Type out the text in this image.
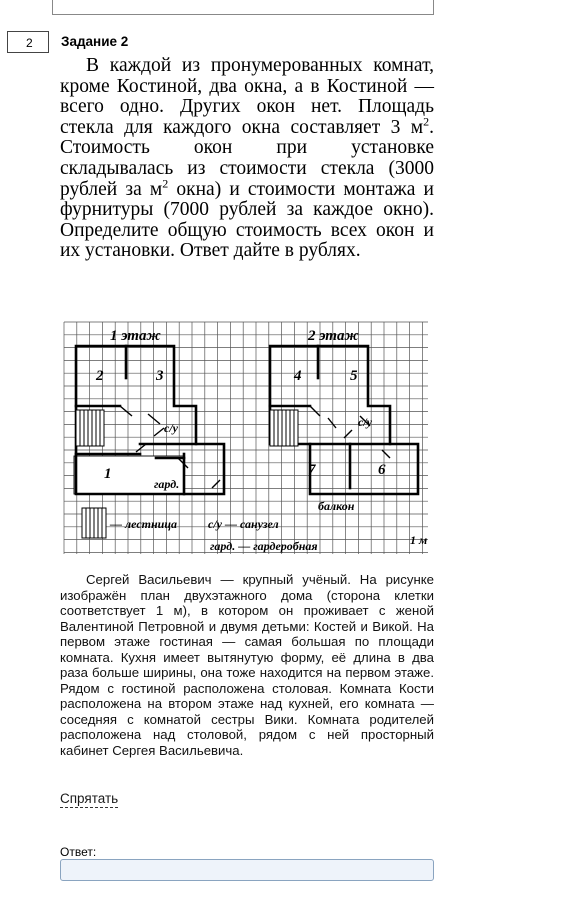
2	Задание 2
В каждой из пронумерованных комнат, кроме Костиной, два окна, а в Костиной — всего одно. Других окон нет. Площадь стекла для каждого окна составляет 3 $м^2$. Стоимость окон при установке складывалась из стоимости стекла (3000 рублей за $м^2$ окна) и стоимости монтажа и фурнитуры (7000 рублей за каждое окно). Определите общую стоимость всех окон и их установки. Ответ дайте в рублях.
1 этаж	2 этаж
2	3
1
4	5
6
7
с/у	с/у
гард.
балкон
— лестница	с/у — санузел
гард. — гардеробная	1 м
Сергей Васильевич — крупный учёный. На рисунке изображён план двухэтажного дома (сторона клетки соответствует 1 м), в котором он проживает с женой Валентиной Петровной и двумя детьми: Костей и Викой. На первом этаже гостиная — самая большая по площади комната. Кухня имеет вытянутую форму, её длина в два раза больше ширины, она тоже находится на первом этаже. Рядом с гостиной расположена столовая. Комната Кости расположена на втором этаже над кухней, его комната — соседняя с комнатой сестры Вики. Комната родителей расположена над столовой, рядом с ней просторный кабинет Сергея Васильевича.
Спрятать
Ответ:
